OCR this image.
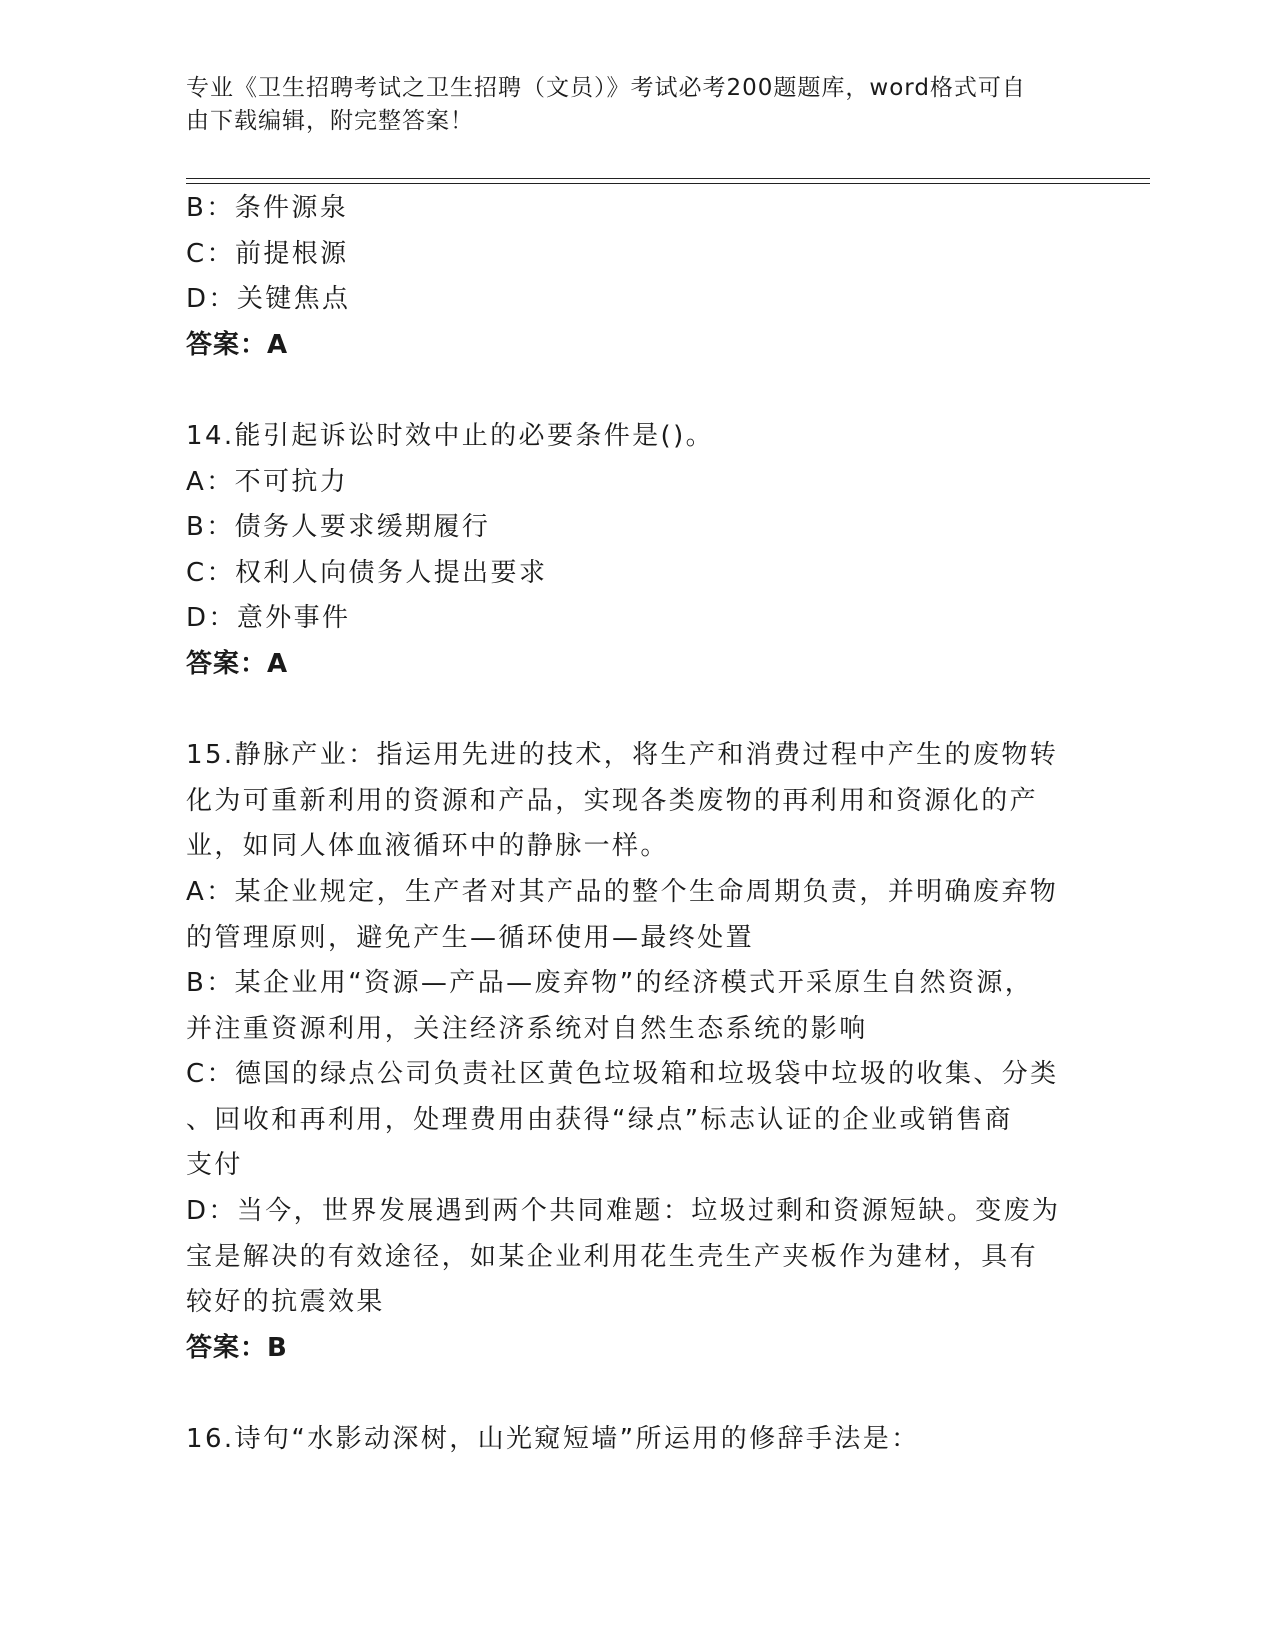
专业《卫生招聘考试之卫生招聘（文员）》考试必考200题题库，word格式可自
由下载编辑，附完整答案！
B：条件源泉
C：前提根源
D：关键焦点
答案：A
14.能引起诉讼时效中止的必要条件是()。
A：不可抗力
B：债务人要求缓期履行
C：权利人向债务人提出要求
D：意外事件
答案：A
15.静脉产业：指运用先进的技术，将生产和消费过程中产生的废物转
化为可重新利用的资源和产品，实现各类废物的再利用和资源化的产
业，如同人体血液循环中的静脉一样。
A：某企业规定，生产者对其产品的整个生命周期负责，并明确废弃物
的管理原则，避免产生—循环使用—最终处置
B：某企业用“资源—产品—废弃物”的经济模式开采原生自然资源，
并注重资源利用，关注经济系统对自然生态系统的影响
C：德国的绿点公司负责社区黄色垃圾箱和垃圾袋中垃圾的收集、分类
、回收和再利用，处理费用由获得“绿点”标志认证的企业或销售商
支付
D：当今，世界发展遇到两个共同难题：垃圾过剩和资源短缺。变废为
宝是解决的有效途径，如某企业利用花生壳生产夹板作为建材，具有
较好的抗震效果
答案：B
16.诗句“水影动深树，山光窥短墙”所运用的修辞手法是：
